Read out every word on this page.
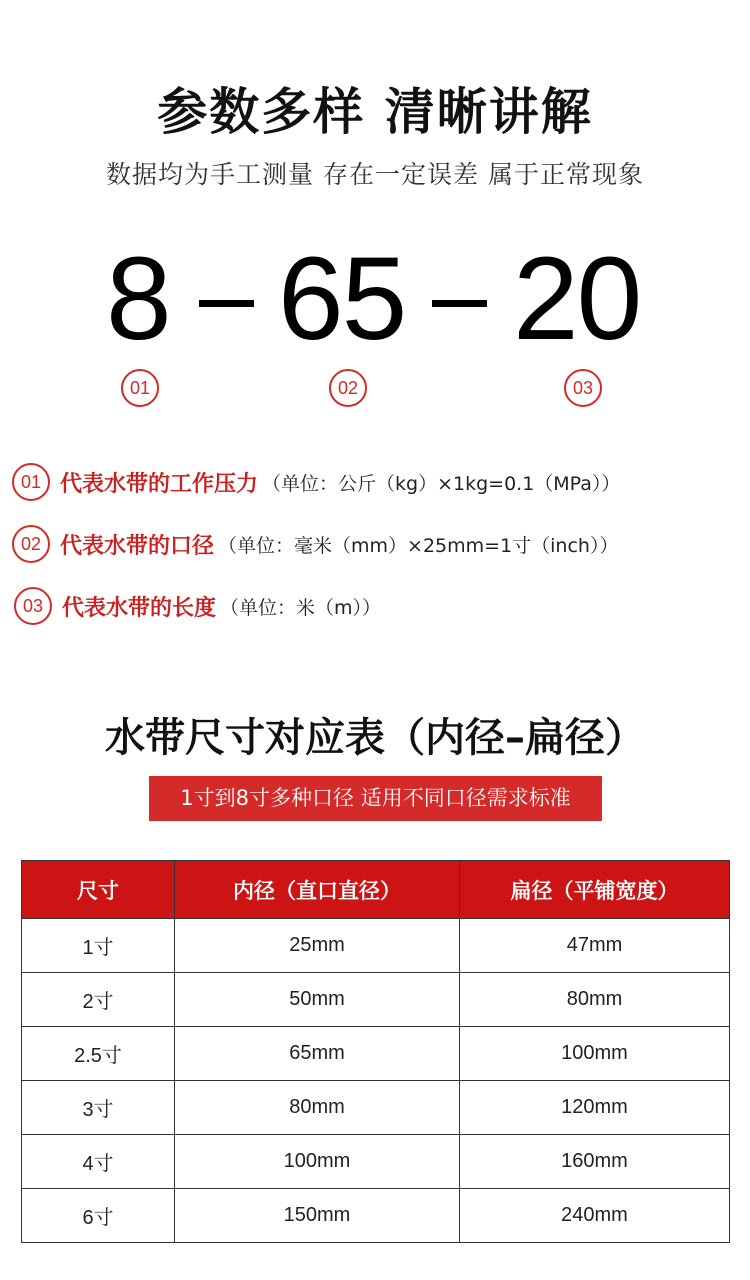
参数多样 清晰讲解
数据均为手工测量 存在一定误差 属于正常现象
8 65 20
01	02	03
01 代表水带的工作压力 （单位：公斤（kg）×1kg=0.1（MPa））
02 代表水带的口径 （单位：毫米（mm）×25mm=1寸（inch））
03 代表水带的长度 （单位：米（m））
水带尺寸对应表（内径–扁径）
1寸到8寸多种口径 适用不同口径需求标准
尺寸	内径（直口直径）	扁径（平铺宽度）
1寸	25mm	47mm
2寸	50mm	80mm
2.5寸	65mm	100mm
3寸	80mm	120mm
4寸	100mm	160mm
6寸	150mm	240mm
